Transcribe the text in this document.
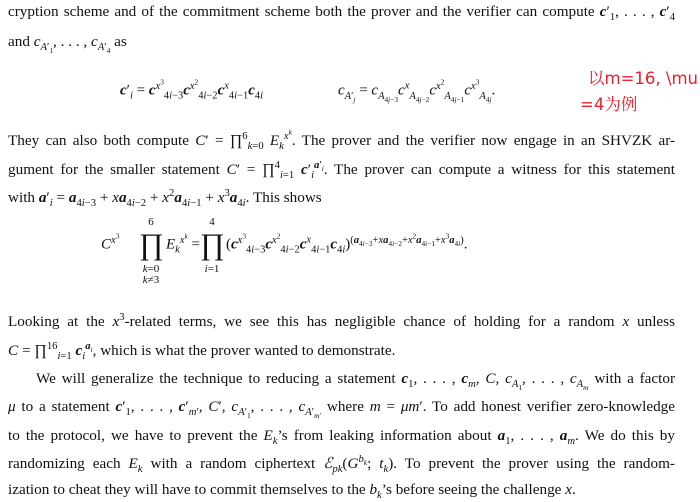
cryption scheme and of the commitment scheme both the prover and the verifier can compute $c'_1$, . . . , $c'_4$
and $c_{A'_1}$, . . . , $c_{A'_4}$ as
$c'_i = c^{x^3}_{4i-3}c^{x^2}_{4i-2}c^x_{4i-1}c_{4i}$	$c_{A'_j} = c_{A_{4j-3}}c^x_{A_{4j-2}}c^{x^2}_{A_{4j-1}}c^{x^3}_{A_{4j}}$.
以m=16, \mu
=4为例
They can also both compute C′ = ∏$^6_{k=0}$ $E_k^{x^k}$. The prover and the verifier now engage in an SHVZK ar-
gument for the smaller statement C′ = ∏$^4_{i=1}$ $c'_i^{a'_i}$. The prover can compute a witness for this statement
with $a'_i = a_{4i-3} + xa_{4i-2} + x^2a_{4i-1} + x^3a_{4i}$. This shows
$C^{x^3}$
6
∏
k=0
k≠3
$E_k^{x^k}$ =
4
∏
i=1
$(c^{x^3}_{4i-3}c^{x^2}_{4i-2}c^x_{4i-1}c_{4i})^{(a_{4i-3}+xa_{4i-2}+x^2a_{4i-1}+x^3a_{4i})}$.
Looking at the $x^3$-related terms, we see this has negligible chance of holding for a random x unless
C = ∏$^{16}_{i=1}$ $c_i^{a_i}$, which is what the prover wanted to demonstrate.
We will generalize the technique to reducing a statement $c_1$, . . . , $c_m$, C, $c_{A_1}$, . . . , $c_{A_m}$ with a factor
μ to a statement $c'_1$, . . . , $c'_{m'}$, C′, $c_{A'_1}$, . . . , $c_{A'_{m'}}$ where m = μm′. To add honest verifier zero-knowledge
to the protocol, we have to prevent the $E_k’s$ from leaking information about $a_1$, . . . , $a_m$. We do this by
randomizing each $E_k$ with a random ciphertext $ℰ_{pk}(G^{b_k}$; $t_k$). To prevent the prover using the random-
ization to cheat they will have to commit themselves to the $b_k’s$ before seeing the challenge x.
